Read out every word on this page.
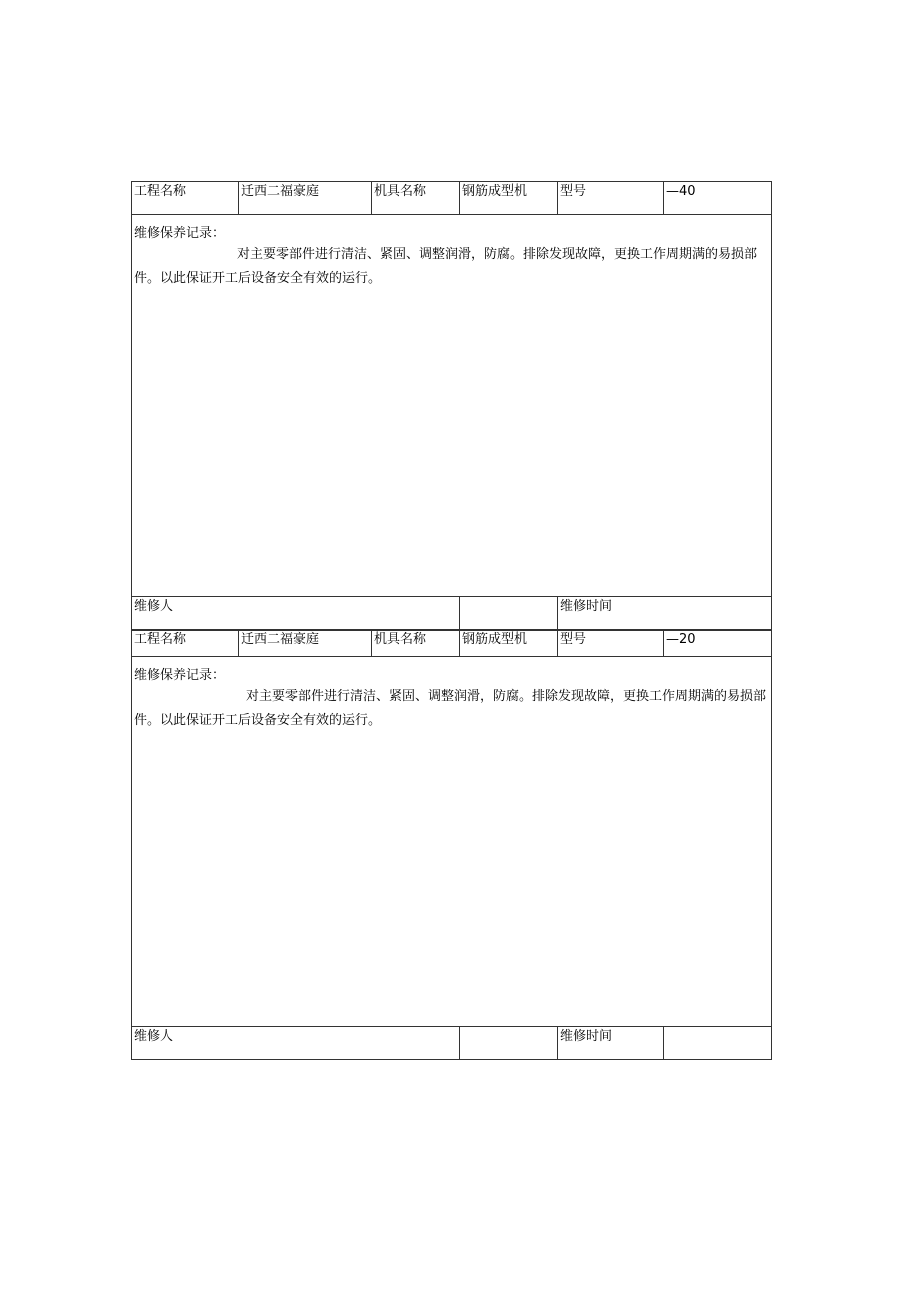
工程名称	迁西二福豪庭	机具名称	钢筋成型机	型号	—40
维修保养记录：
对主要零部件进行清洁、紧固、调整润滑，防腐。排除发现故障，更换工作周期满的易损部件。以此保证开工后设备安全有效的运行。
维修人	维修时间
工程名称	迁西二福豪庭	机具名称	钢筋成型机	型号	—20
维修保养记录：
对主要零部件进行清洁、紧固、调整润滑，防腐。排除发现故障，更换工作周期满的易损部件。以此保证开工后设备安全有效的运行。
维修人	维修时间
